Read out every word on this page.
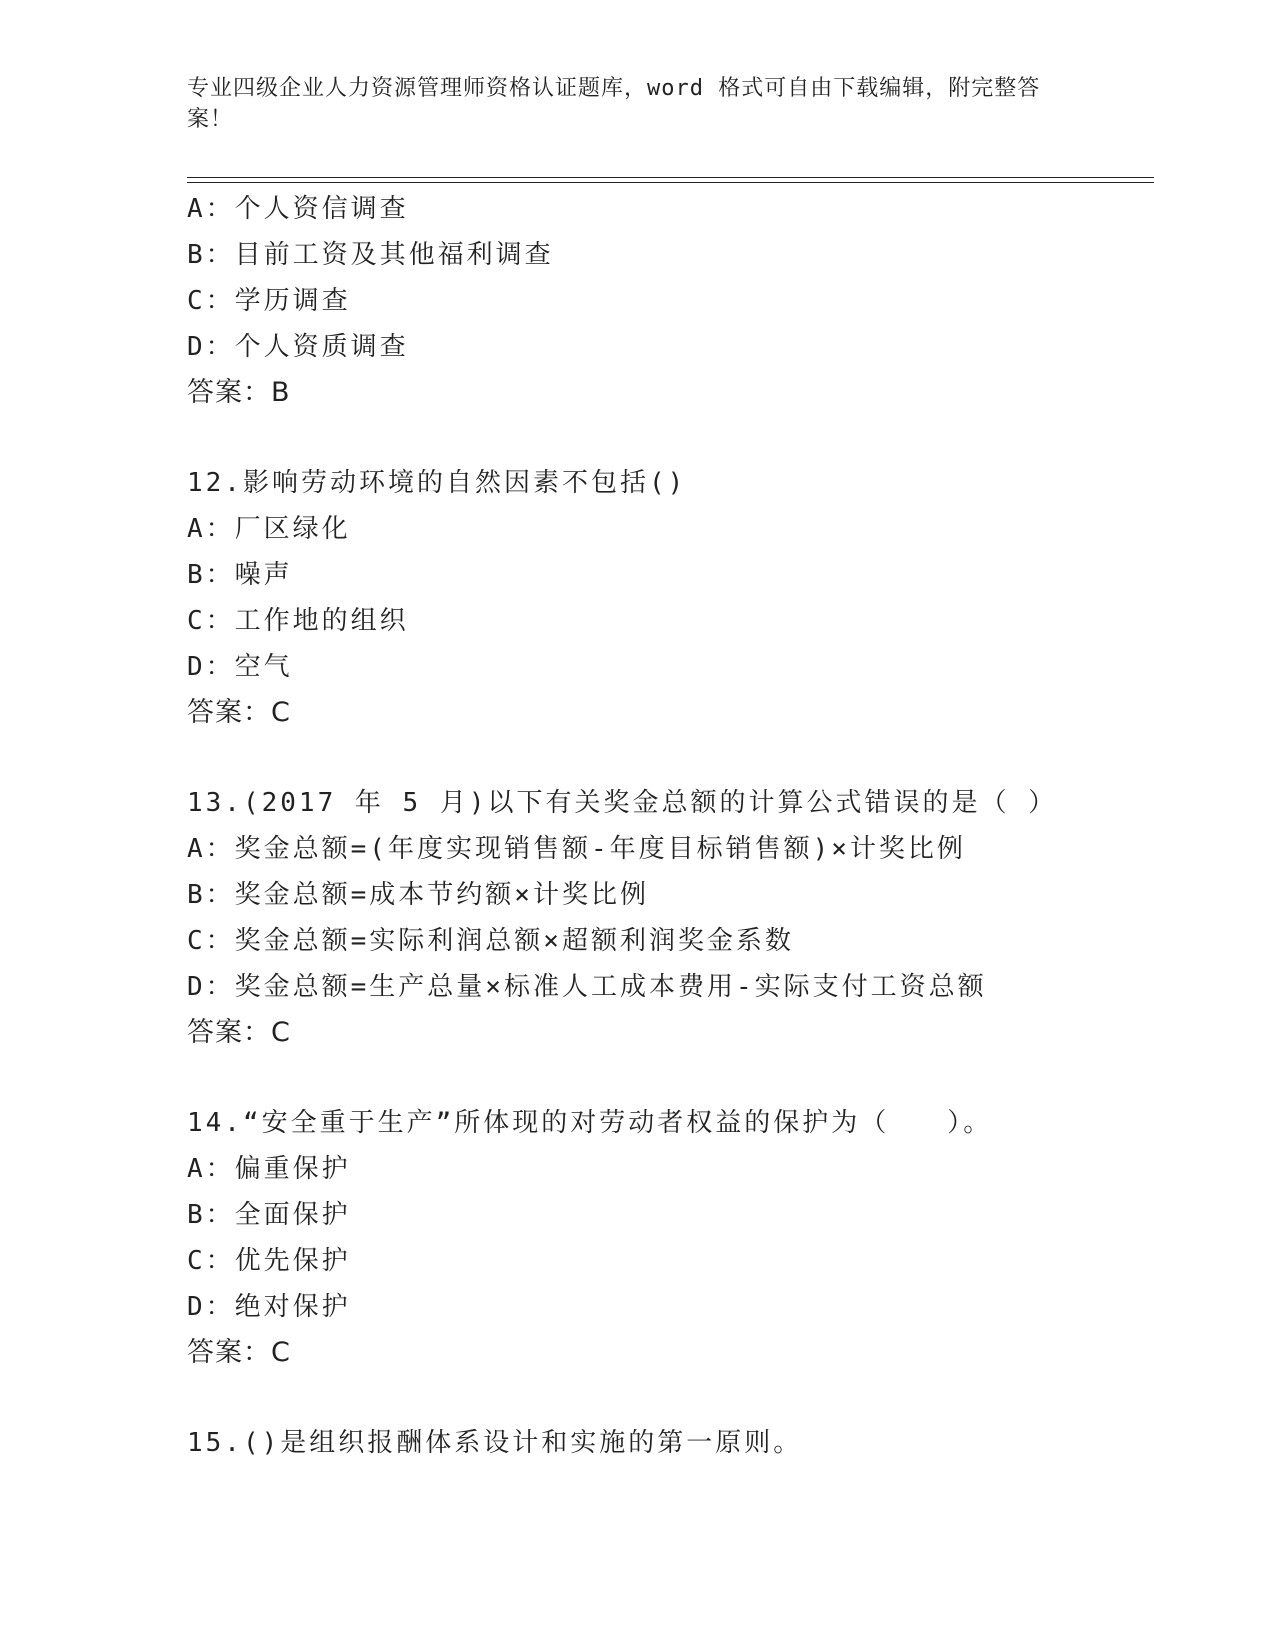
专业四级企业人力资源管理师资格认证题库，word 格式可自由下载编辑，附完整答案！
A：个人资信调查
B：目前工资及其他福利调查
C：学历调查
D：个人资质调查
答案：B
12.影响劳动环境的自然因素不包括()
A：厂区绿化
B：噪声
C：工作地的组织
D：空气
答案：C
13.(2017 年 5 月)以下有关奖金总额的计算公式错误的是（ ）
A：奖金总额=(年度实现销售额-年度目标销售额)×计奖比例
B：奖金总额=成本节约额×计奖比例
C：奖金总额=实际利润总额×超额利润奖金系数
D：奖金总额=生产总量×标准人工成本费用-实际支付工资总额
答案：C
14.“安全重于生产”所体现的对劳动者权益的保护为（　　）。
A：偏重保护
B：全面保护
C：优先保护
D：绝对保护
答案：C
15.()是组织报酬体系设计和实施的第一原则。
